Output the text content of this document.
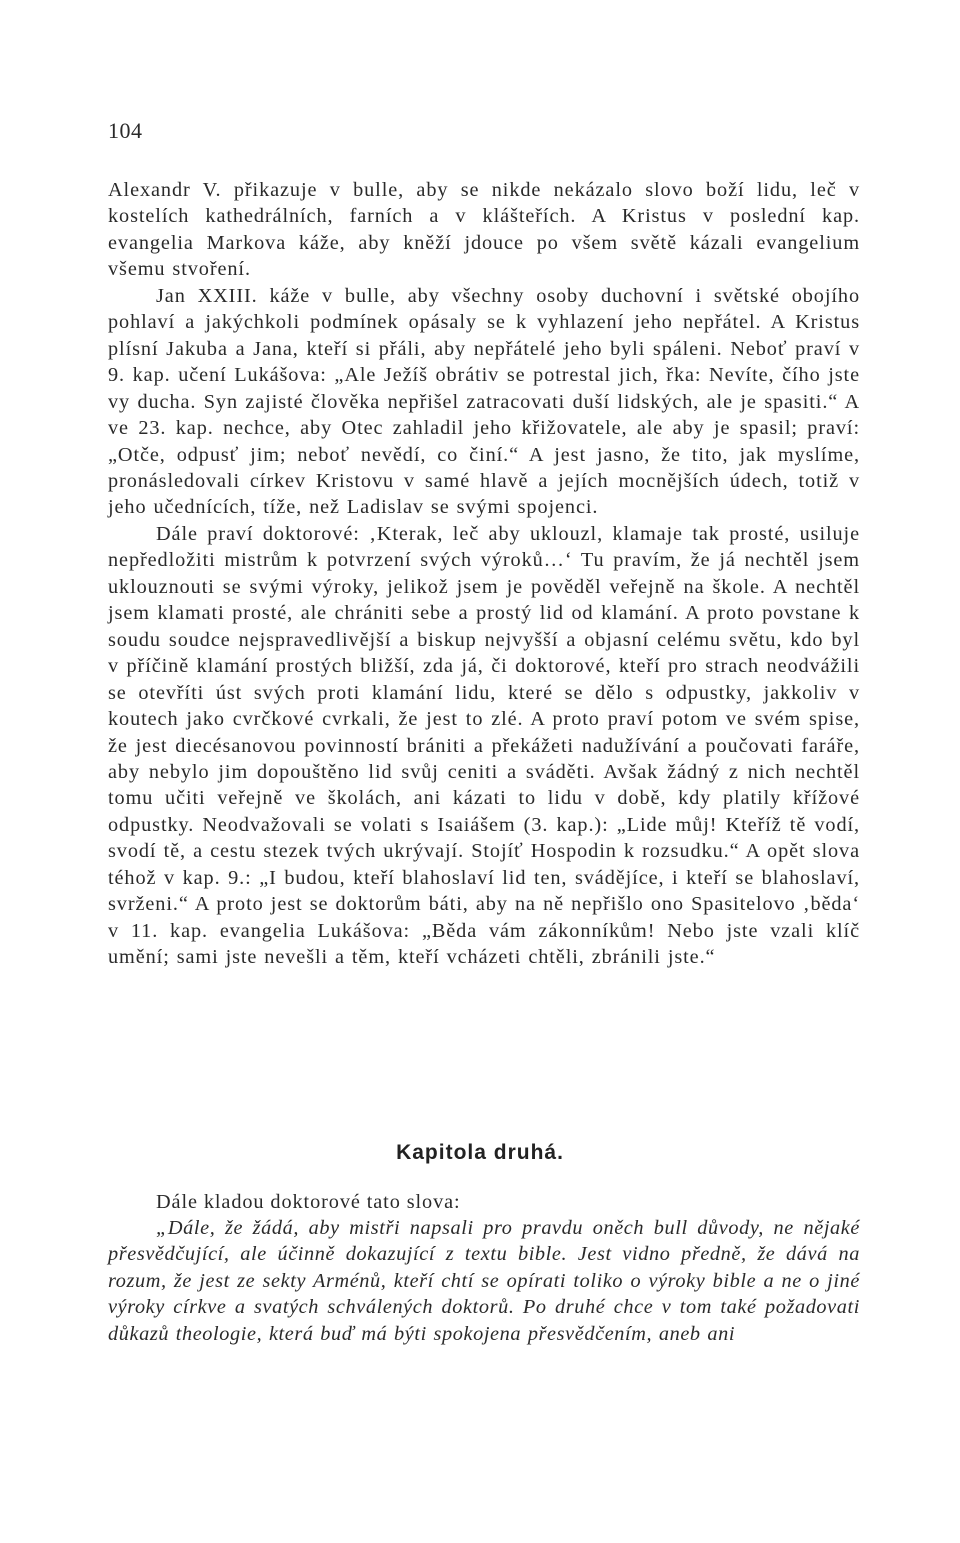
104

Alexandr V. přikazuje v bulle, aby se nikde nekázalo slovo boží lidu, leč v kostelích kathedrálních, farních a v klášteřích. A Kristus v poslední kap. evangelia Markova káže, aby kněží jdouce po všem světě kázali evangelium všemu stvoření.

Jan XXIII. káže v bulle, aby všechny osoby duchovní i světské obojího pohlaví a jakýchkoli podmínek opásaly se k vyhlazení jeho nepřátel. A Kristus plísní Jakuba a Jana, kteří si přáli, aby nepřátelé jeho byli spáleni. Neboť praví v 9. kap. učení Lukášova: „Ale Ježíš obrátiv se potrestal jich, řka: Nevíte, čího jste vy ducha. Syn zajisté člověka nepřišel zatracovati duší lidských, ale je spasiti.“ A ve 23. kap. nechce, aby Otec zahladil jeho křižovatele, ale aby je spasil; praví: „Otče, odpusť jim; neboť nevědí, co činí.“ A jest jasno, že tito, jak myslíme, pronásledovali církev Kristovu v samé hlavě a jejích mocnějších údech, totiž v jeho učednících, tíže, než Ladislav se svými spojenci.

Dále praví doktorové: ‚Kterak, leč aby uklouzl, klamaje tak prosté, usiluje nepředložiti mistrům k potvrzení svých výroků…‘ Tu pravím, že já nechtěl jsem uklouznouti se svými výroky, jelikož jsem je pověděl veřejně na škole. A nechtěl jsem klamati prosté, ale chrániti sebe a prostý lid od klamání. A proto povstane k soudu soudce nejspravedlivější a biskup nejvyšší a objasní celému světu, kdo byl v příčině klamání prostých bližší, zda já, či doktorové, kteří pro strach neodvážili se otevříti úst svých proti klamání lidu, které se dělo s odpustky, jakkoliv v koutech jako cvrčkové cvrkali, že jest to zlé. A proto praví potom ve svém spise, že jest diecésanovou povinností brániti a překážeti nadužívání a poučovati faráře, aby nebylo jim dopouštěno lid svůj ceniti a sváděti. Avšak žádný z nich nechtěl tomu učiti veřejně ve školách, ani kázati to lidu v době, kdy platily křížové odpustky. Neodvažovali se volati s Isaiášem (3. kap.): „Lide můj! Kteříž tě vodí, svodí tě, a cestu stezek tvých ukrývají. Stojíť Hospodin k rozsudku.“ A opět slova téhož v kap. 9.: „I budou, kteří blahoslaví lid ten, svádějíce, i kteří se blahoslaví, svrženi.“ A proto jest se doktorům báti, aby na ně nepřišlo ono Spasitelovo ‚běda‘ v 11. kap. evangelia Lukášova: „Běda vám zákonníkům! Nebo jste vzali klíč umění; sami jste nevešli a těm, kteří vcházeti chtěli, zbránili jste.“

Kapitola druhá.

Dále kladou doktorové tato slova:

„Dále, že žádá, aby mistři napsali pro pravdu oněch bull důvody, ne nějaké přesvědčující, ale účinně dokazující z textu bible. Jest vidno předně, že dává na rozum, že jest ze sekty Arménů, kteří chtí se opírati toliko o výroky bible a ne o jiné výroky církve a svatých schválených doktorů. Po druhé chce v tom také požadovati důkazů theologie, která buď má býti spokojena přesvědčením, aneb ani
